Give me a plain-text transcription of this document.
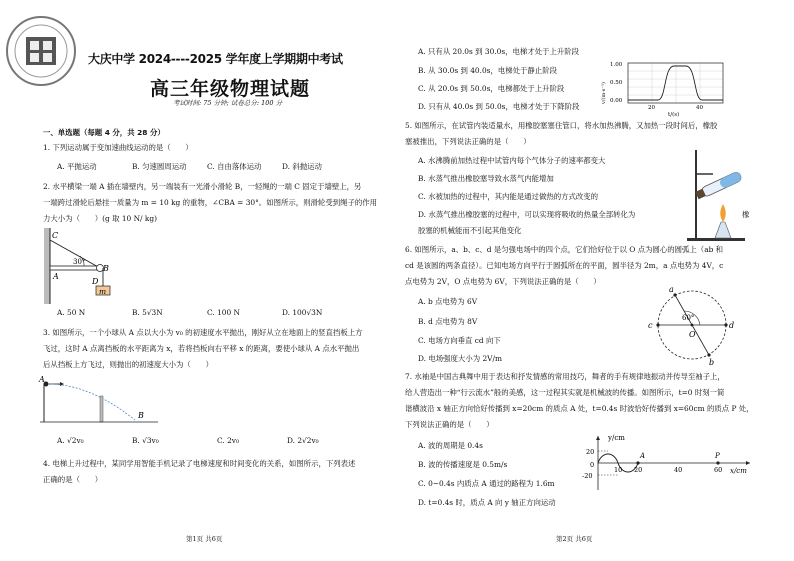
大庆中学 2024----2025 学年度上学期期中考试
高三年级物理试题
考试时间: 75 分钟; 试卷总分: 100 分
一、单选题（每题 4 分，共 28 分）
1. 下列运动属于变加速曲线运动的是（　　）
A. 平抛运动	B. 匀速圆周运动	C. 自由落体运动	D. 斜抛运动
2. 水平横梁一端 A 插在墙壁内，另一端装有一光滑小滑轮 B，一轻绳的一端 C 固定于墙壁上，另
一端跨过滑轮后悬挂一质量为 m = 10 kg 的重物，∠CBA = 30°。如图所示，则滑轮受到绳子的作用
力大小为（　　）(g 取 10 N/ kg)
C
A
B
D
m
30°
A. 50 N	B. 5√3N	C. 100 N	D. 100√3N
3. 如图所示，一个小球从 A 点以大小为 v₀ 的初速度水平抛出，刚好从立在地面上的竖直挡板上方
飞过，这时 A 点离挡板的水平距离为 x，若将挡板向右平移 x 的距离，要使小球从 A 点水平抛出
后从挡板上方飞过，则抛出的初速度大小为（　　）
A
B
A. √2v₀	B. √3v₀	C. 2v₀	D. 2√2v₀
4. 电梯上升过程中，某同学用智能手机记录了电梯速度和时间变化的关系，如图所示，下列表述
正确的是（　　）
第1页 共6页
A. 只有从 20.0s 到 30.0s，电梯才处于上升阶段
B. 从 30.0s 到 40.0s，电梯处于静止阶段
C. 从 20.0s 到 50.0s，电梯都处于上升阶段
D. 只有从 40.0s 到 50.0s，电梯才处于下降阶段
1.00
0.50
0.00
20	40
t/(s)
v/(m·s⁻¹)
5. 如图所示，在试管内装适量水，用橡胶塞塞住管口，将水加热沸腾，又加热一段时间后，橡胶
塞被推出，下列说法正确的是（　　）
A. 水沸腾前加热过程中试管内每个气体分子的速率都变大
B. 水蒸气推出橡胶塞导致水蒸气内能增加
C. 水被加热的过程中，其内能是通过做热的方式改变的
D. 水蒸气推出橡胶塞的过程中，可以实现将吸收的热量全部转化为	橡
胶塞的机械能而不引起其他变化
6. 如图所示，a、b、c、d 是匀强电场中的四个点，它们恰好位于以 O 点为圆心的圆弧上（ab 和
cd 是该圆的两条直径）。已知电场方向平行于圆弧所在的平面，圆半径为 2m，a 点电势为 4V，c
点电势为 2V，O 点电势为 6V，下列说法正确的是（　　）
A. b 点电势为 6V
B. d 点电势为 8V
C. 电场方向垂直 cd 向下
D. 电场强度大小为 2V/m
a
b
c	d
O
60°
7. 水袖是中国古典舞中用于表达和抒发情感的常用技巧，舞者的手有规律地振动并传导至袖子上，
给人营造出一种“行云流水”般的美感，这一过程其实就是机械波的传播。如图所示，t=0 时刻一简
谐横波沿 x 轴正方向恰好传播到 x=20cm 的质点 A 处，t=0.4s 时波恰好传播到 x=60cm 的质点 P 处，
下列说法正确的是（　　）
A. 波的周期是 0.4s
B. 波的传播速度是 0.5m/s
C. 0~0.4s 内质点 A 通过的路程为 1.6m
D. t=0.4s 时，质点 A 向 y 轴正方向运动
y/cm
x/cm
20
0
-20
10 20	40	60
A	P
第2页 共6页
